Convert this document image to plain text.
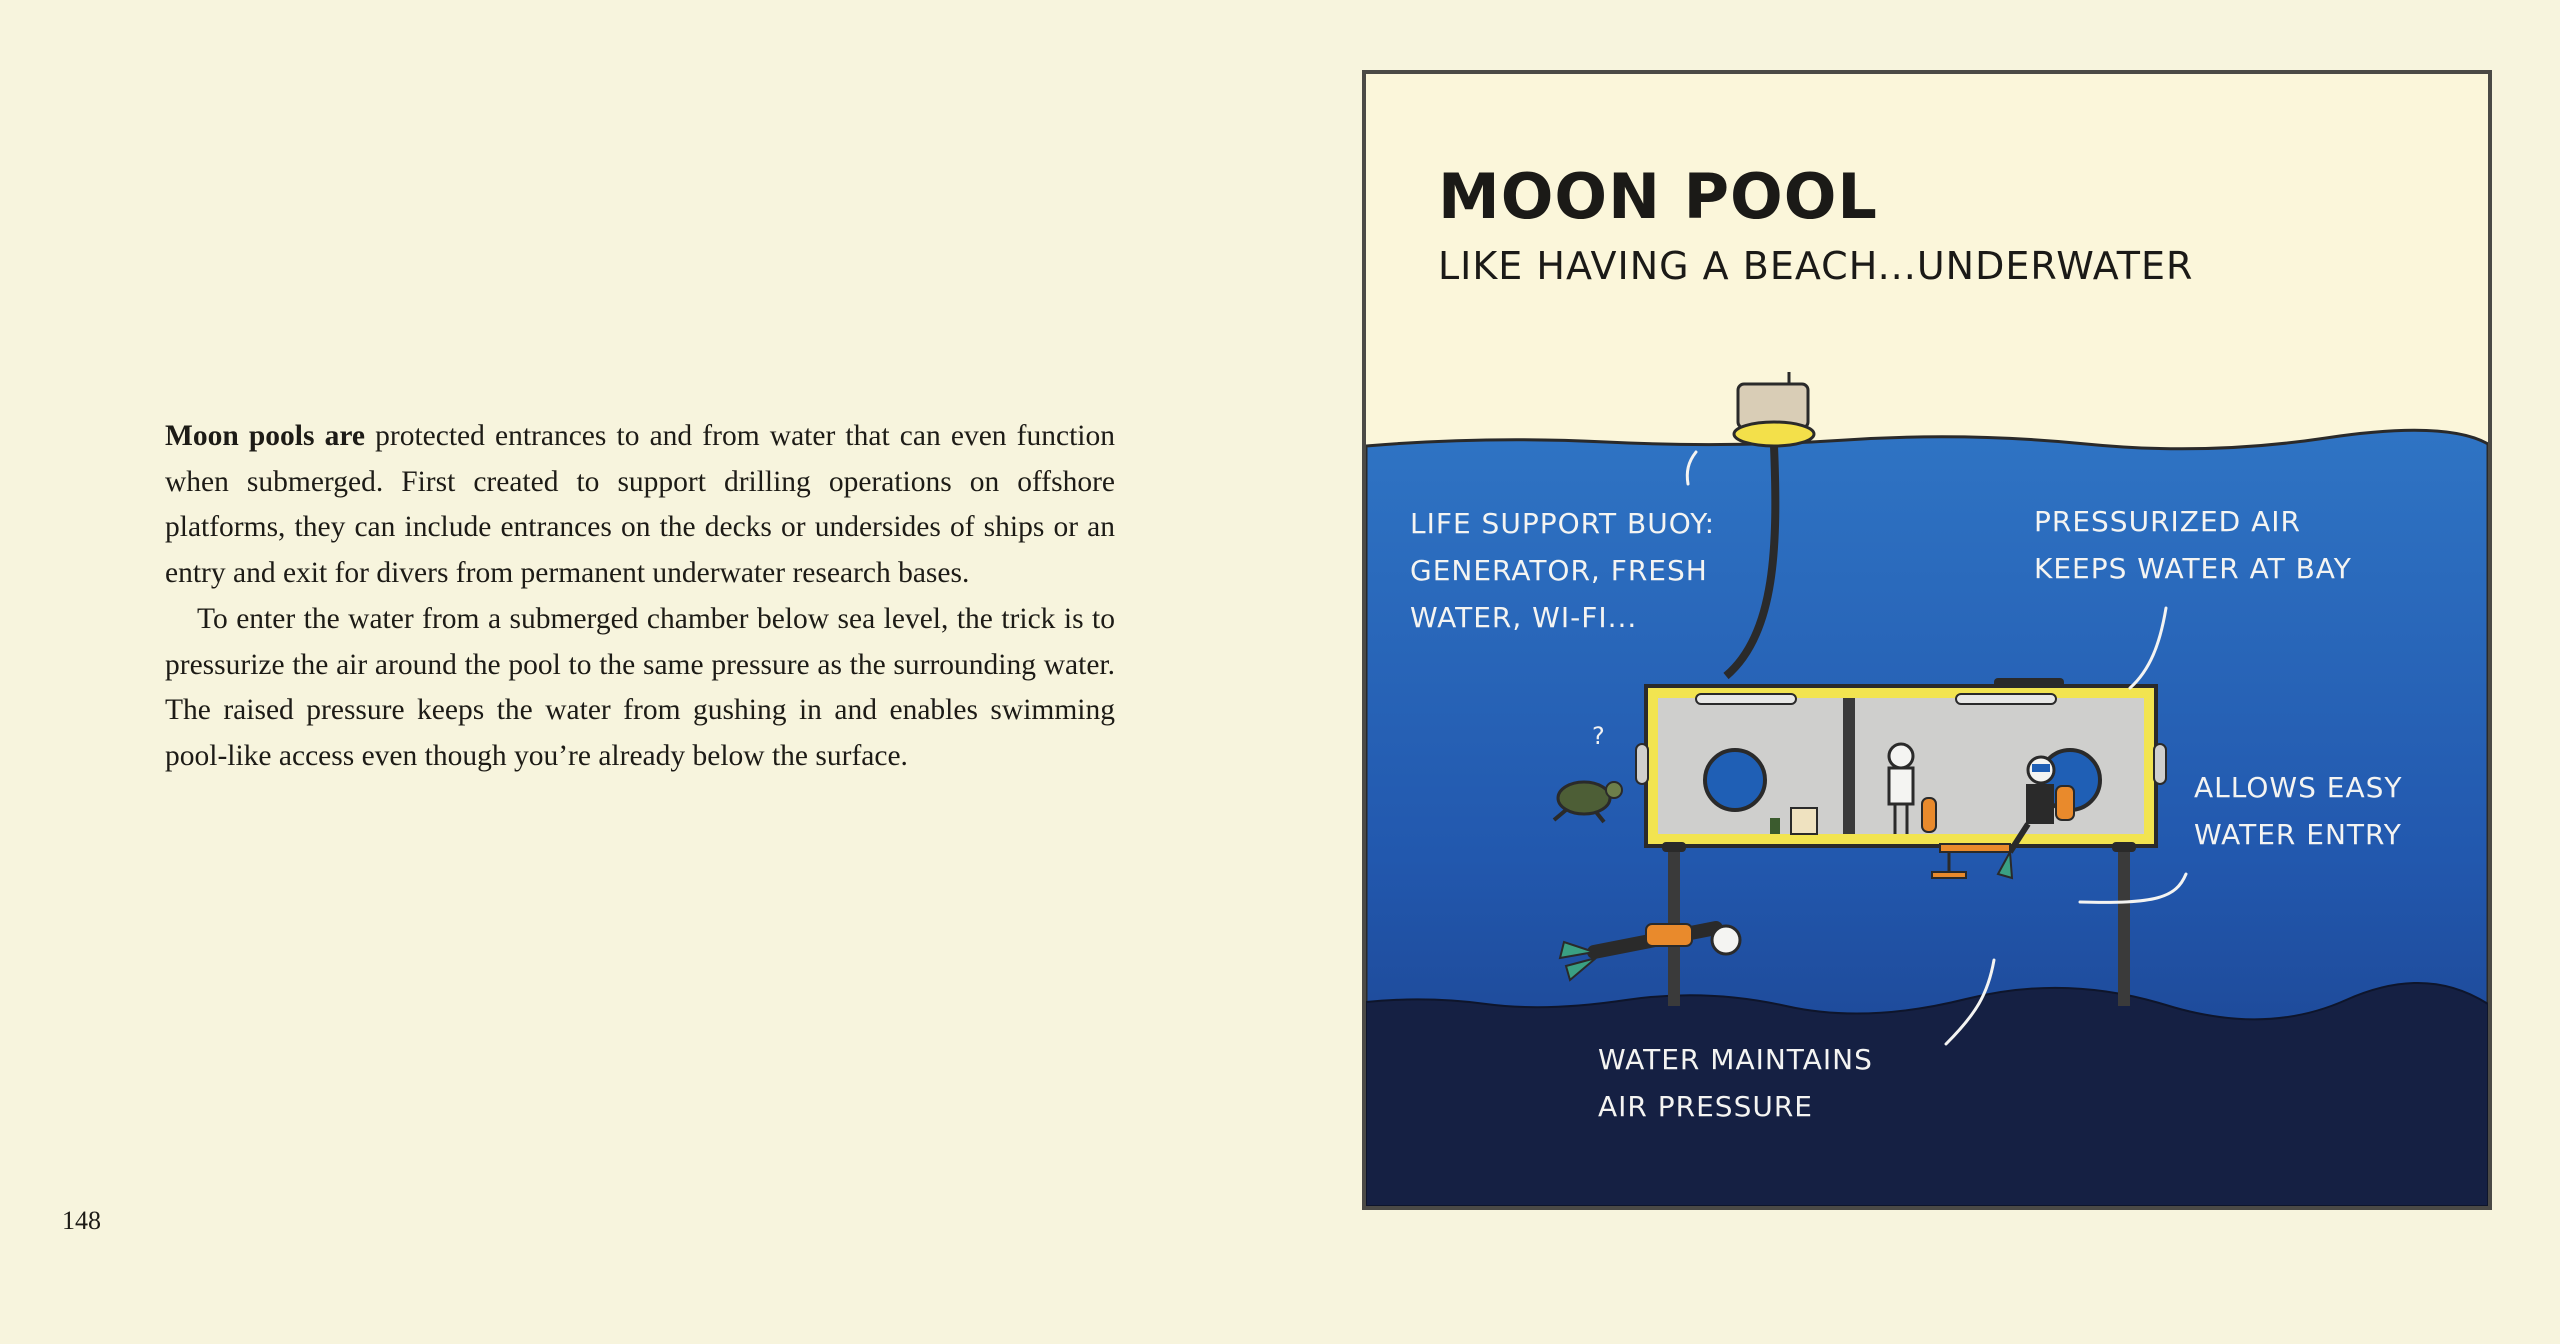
Moon pools are protected entrances to and from water that can even function when submerged. First created to support drilling operations on offshore platforms, they can include entrances on the decks or undersides of ships or an entry and exit for divers from permanent underwater research bases.

To enter the water from a submerged chamber below sea level, the trick is to pressurize the air around the pool to the same pressure as the surrounding water. The raised pressure keeps the water from gushing in and enables swimming pool-like access even though you’re already below the surface.

148
MOON POOL
LIKE HAVING A BEACH...UNDERWATER
LIFE SUPPORT BUOY:
GENERATOR, FRESH
WATER, WI-FI...
PRESSURIZED AIR
KEEPS WATER AT BAY
ALLOWS EASY
WATER ENTRY
WATER MAINTAINS
AIR PRESSURE
?
